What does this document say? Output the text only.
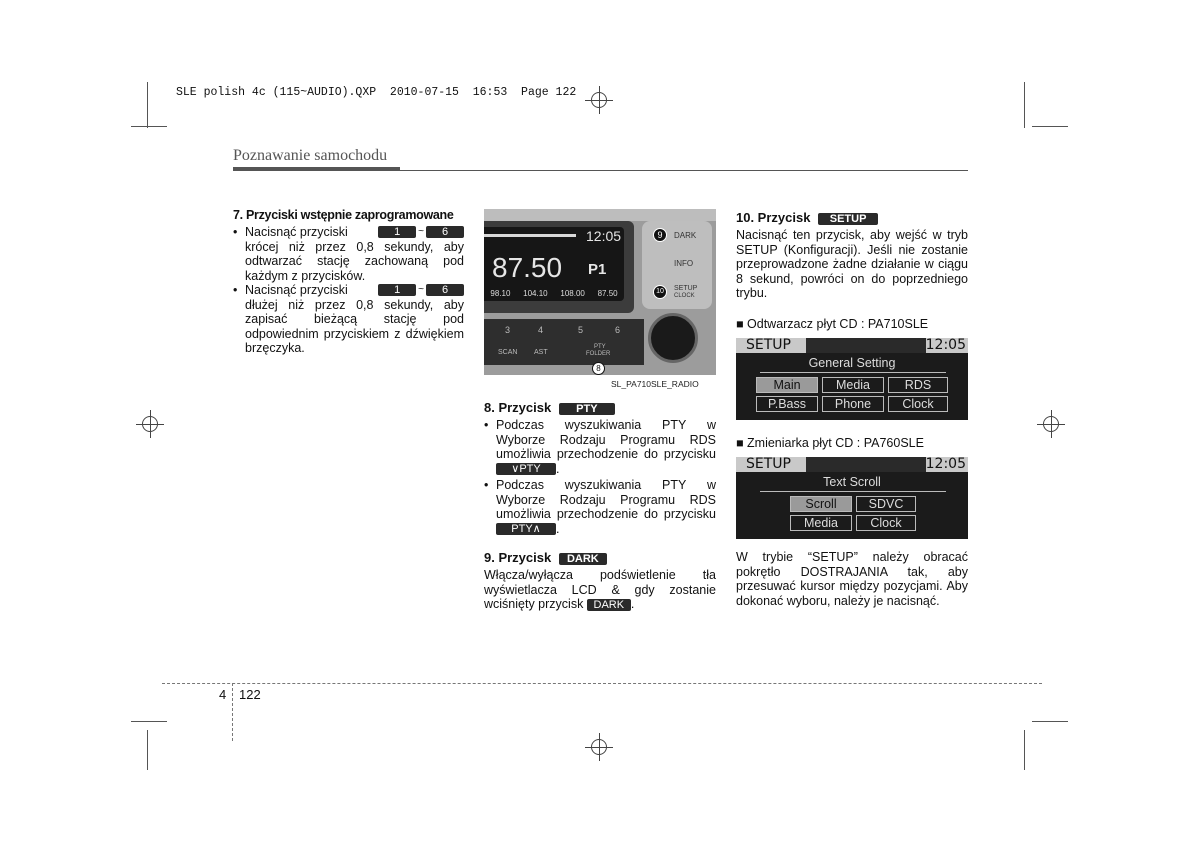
SLE polish 4c (115~AUDIO).QXP  2010-07-15  16:53  Page 122
Poznawanie samochodu
7. Przyciski wstępnie zaprogramowane
• Nacisnąć przyciski	1	~	6
krócej niż przez 0,8 sekundy, aby odtwarzać stację zachowaną pod każdym z przycisków.
• Nacisnąć przyciski	1	~	6
dłużej niż przez 0,8 sekundy, aby zapisać bieżącą stację pod odpowiednim przyciskiem z dźwiękiem brzęczyka.
12:05
87.50 P1
98.10 104.10 108.00 87.50
DARK
INFO
SETUP
CLOCK
9
10
3	4	5	6
SCAN AST
PTY
FOLDER
8
SL_PA710SLE_RADIO
8. Przycisk PTY
• Podczas wyszukiwania PTY w Wyborze Rodzaju Programu RDS umożliwia przechodzenie do przycisku ∨PTY .
• Podczas wyszukiwania PTY w Wyborze Rodzaju Programu RDS umożliwia przechodzenie do przycisku PTY∧ .
9. Przycisk DARK
Włącza/wyłącza podświetlenie tła wyświetlacza LCD & gdy zostanie wciśnięty przycisk DARK .
10. Przycisk SETUP
Nacisnąć ten przycisk, aby wejść w tryb SETUP (Konfiguracji). Jeśli nie zostanie przeprowadzone żadne działanie w ciągu 8 sekund, powróci on do poprzedniego trybu.
■ Odtwarzacz płyt CD : PA710SLE
SETUP	12:05
General Setting
Main	Media	RDS
P.Bass	Phone	Clock
■ Zmieniarka płyt CD : PA760SLE
SETUP	12:05
Text Scroll
Scroll	SDVC
Media	Clock
W trybie “SETUP” należy obracać pokrętło DOSTRAJANIA tak, aby przesuwać kursor między pozycjami. Aby dokonać wyboru, należy je nacisnąć.
4 122
